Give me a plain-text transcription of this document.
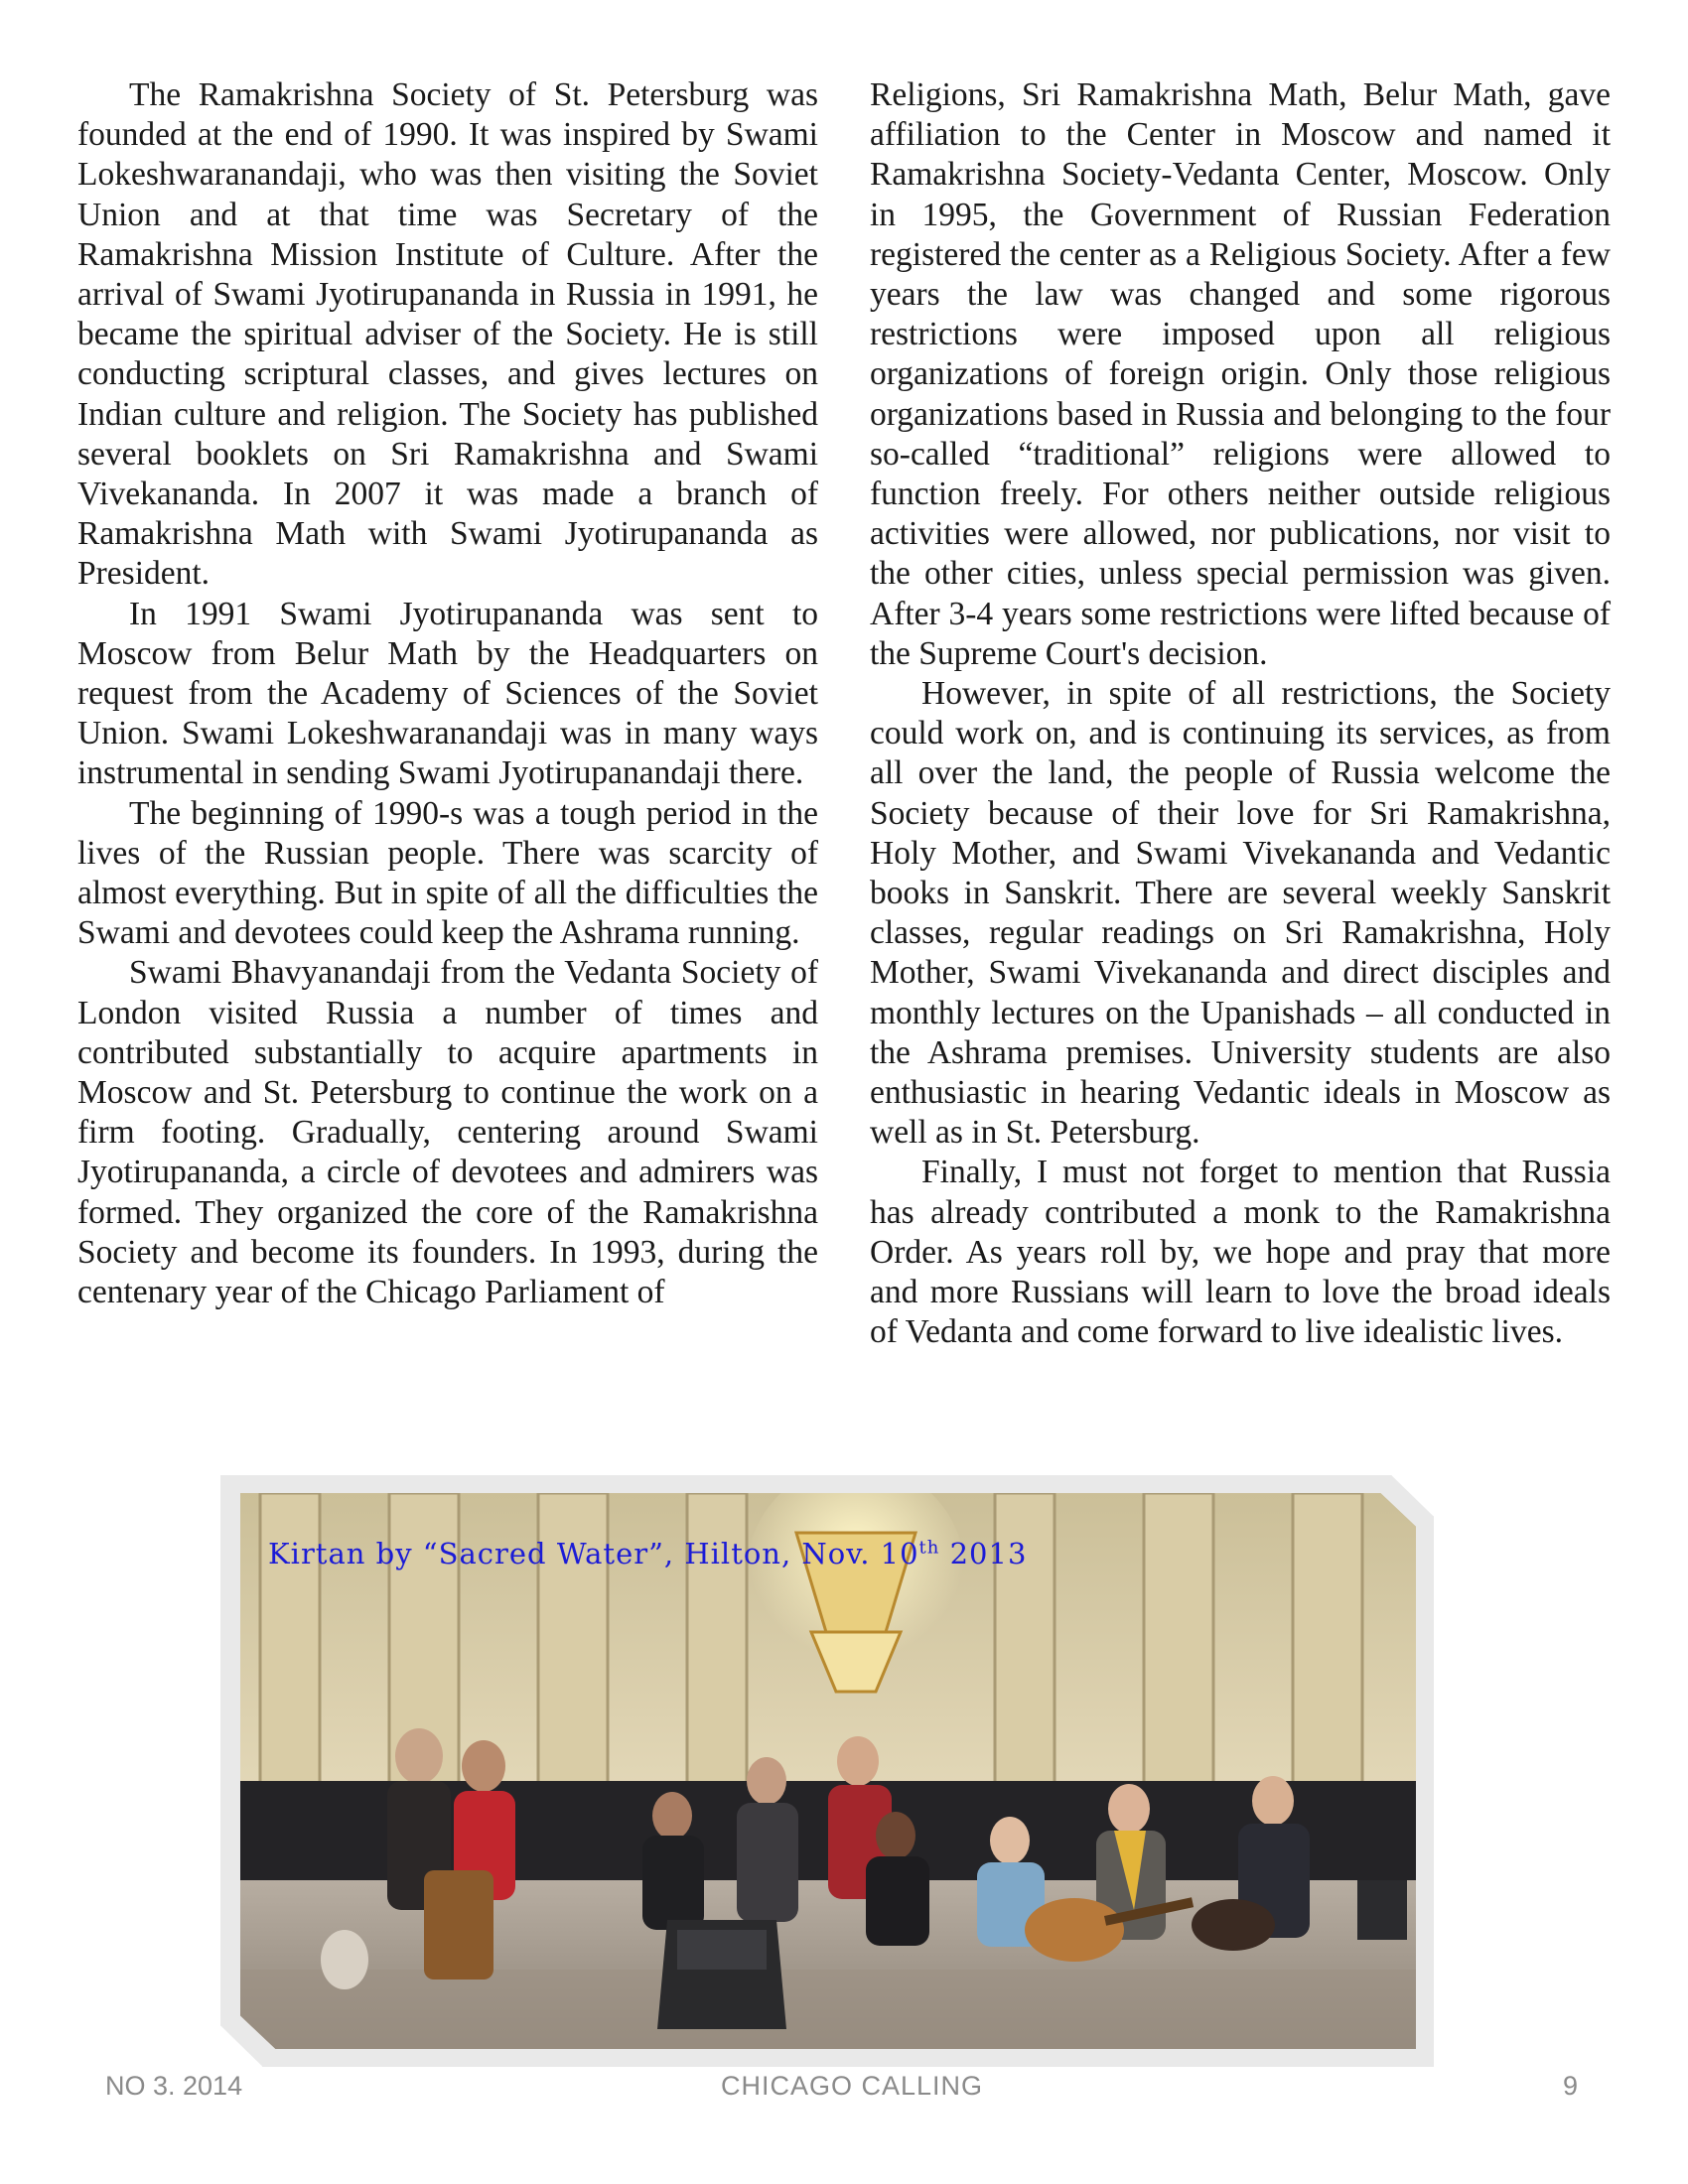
The Ramakrishna Society of St. Petersburg was founded at the end of 1990. It was inspired by Swami Lokeshwaranandaji, who was then visiting the Soviet Union and at that time was Secretary of the Ramakrishna Mission Institute of Culture. After the arrival of Swami Jyotirupananda in Russia in 1991, he became the spiritual adviser of the Society. He is still conducting scriptural classes, and gives lectures on Indian culture and religion. The Society has published several booklets on Sri Ramakrishna and Swami Vivekananda. In 2007 it was made a branch of Ramakrishna Math with Swami Jyotirupananda as President.

In 1991 Swami Jyotirupananda was sent to Moscow from Belur Math by the Headquarters on request from the Academy of Sciences of the Soviet Union. Swami Lokeshwaranandaji was in many ways instrumental in sending Swami Jyotirupanandaji there.

The beginning of 1990-s was a tough period in the lives of the Russian people. There was scarcity of almost everything. But in spite of all the difficulties the Swami and devotees could keep the Ashrama running.

Swami Bhavyanandaji from the Vedanta Society of London visited Russia a number of times and contributed substantially to acquire apartments in Moscow and St. Petersburg to continue the work on a firm footing. Gradually, centering around Swami Jyotirupananda, a circle of devotees and admirers was formed. They organized the core of the Ramakrishna Society and become its founders. In 1993, during the centenary year of the Chicago Parliament of

Religions, Sri Ramakrishna Math, Belur Math, gave affiliation to the Center in Moscow and named it Ramakrishna Society-Vedanta Center, Moscow. Only in 1995, the Government of Russian Federation registered the center as a Religious Society. After a few years the law was changed and some rigorous restrictions were imposed upon all religious organizations of foreign origin. Only those religious organizations based in Russia and belonging to the four so-called “traditional” religions were allowed to function freely. For others neither outside religious activities were allowed, nor publications, nor visit to the other cities, unless special permission was given. After 3-4 years some restrictions were lifted because of the Supreme Court's decision.

However, in spite of all restrictions, the Society could work on, and is continuing its services, as from all over the land, the people of Russia welcome the Society because of their love for Sri Ramakrishna, Holy Mother, and Swami Vivekananda and Vedantic books in Sanskrit. There are several weekly Sanskrit classes, regular readings on Sri Ramakrishna, Holy Mother, Swami Vivekananda and direct disciples and monthly lectures on the Upanishads – all conducted in the Ashrama premises. University students are also enthusiastic in hearing Vedantic ideals in Moscow as well as in St. Petersburg.

Finally, I must not forget to mention that Russia has already contributed a monk to the Ramakrishna Order. As years roll by, we hope and pray that more and more Russians will learn to love the broad ideals of Vedanta and come forward to live idealistic lives.

Kirtan by “Sacred Water”, Hilton, Nov. 10th 2013
NO 3. 2014	CHICAGO CALLING	9
